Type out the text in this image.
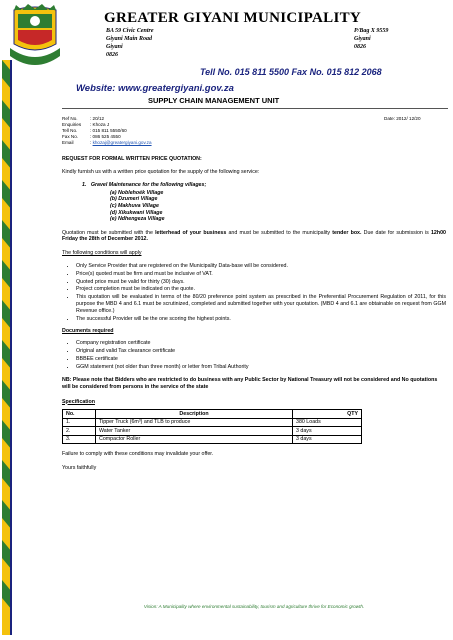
GREATER GIYANI MUNICIPALITY
BA 59 Civic Centre
Giyani Main Road
Giyani
0826
P/Bag X 9559
Giyani
0826
Tell No. 015 811 5500 Fax No. 015 812 2068
Website: www.greatergiyani.gov.za
SUPPLY CHAIN MANAGEMENT UNIT
Ref No.	: 20/12
Enquiries : Khoza J
Tell No.	: 015 811 5550/60
Fax No.	: 086 525 4550
Email	: khozaj@greatergiyani.gov.za
Date: 2012/ 12/20

REQUEST FOR FORMAL WRITTEN PRICE QUOTATION:

Kindly furnish us with a written price quotation for the supply of the following service:

1.   Gravel Maintenance for the following villages;

(a) Noblehoék Village
(b) Dzumeri Village
(c) Makhuva Village
(d) Xikukwani Village
(e) Ndhengeza Village

Quotation must be submitted with the letterhead of your business and must be submitted to the municipality tender box. Due date for submission is 12h00 Friday the 28th of December 2012.

The following conditions will apply

• Only Service Provider that are registered on the Municipality Data-base will be considered.
• Price(s) quoted must be firm and must be inclusive of VAT.
• Quoted price must be valid for thirty (30) days.
• Project completion must be indicated on the quote.
• This quotation will be evaluated in terms of the 80/20 preference point system as prescribed in the Preferential Procurement Regulation of 2011, for this purpose the MBD 4 and 6.1 must be scrutinized, completed and submitted together with your quotation. (MBD 4 and 6.1 are obtainable on request from GGM Revenue office.)
• The successful Provider will be the one scoring the highest points.

Documents required

• Company registration certificate
• Original and valid Tax clearance certificate
• BBBEE certificate
• GGM statement (not older than three month) or letter from Tribal Authority

NB: Please note that Bidders who are restricted to do business with any Public Sector by National Treasury will not be considered and No quotations will be considered from persons in the service of the state

Specification

No.	Description	QTY
1.	Tipper Truck (6m³) and TLB to produce	380 Loads
2.	Water Tanker	3 days
3.	Compactor Roller	3 days

Failure to comply with these conditions may invalidate your offer.

Yours faithfully

Vision: A Municipality where environmental sustainability, tourism and agriculture thrive for Economic growth.
